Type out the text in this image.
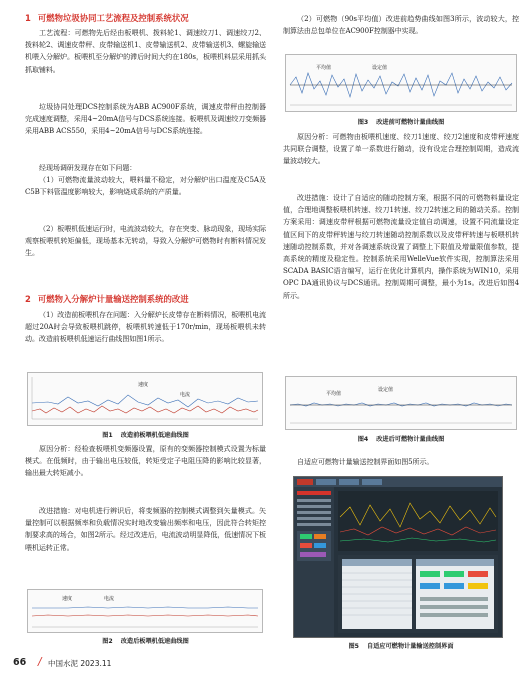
1 可燃物垃圾协同工艺流程及控制系统状况
工艺流程：可燃物先后经由板喂机、拨料轮1、调速绞刀1、调速绞刀2、拨料轮2、调速皮带秤、皮带输送机1、皮带输送机2、皮带输送机3、螺旋输送机喂入分解炉。板喂机至分解炉的滞后时间大约在180s，板喂机料层采用抓头抓取铺料。
垃圾协同处理DCS控制系统为ABB AC900F系统，调速皮带秤由控制器完成速度调整，采用4~20mA信号与DCS系统连接。板喂机及调速绞刀变频器采用ABB ACS550，采用4~20mA信号与DCS系统连接。
经现场调研发现存在如下问题：
（1）可燃物流量波动较大，喂料量不稳定，对分解炉出口温度及C5A及C5B下料管温度影响较大，影响烧成系统的产质量。
（2）板喂机低速运行时，电流波动较大，存在突变、脉动现象，现场实际观察板喂机转矩偏低，现场基本无转动，导致入分解炉可燃物时有断料情况发生。
2 可燃物入分解炉计量输送控制系统的改进
（1）改造前板喂机存在问题：入分解炉长皮带存在断料情况，板喂机电流超过20A时会导致板喂机跳停，板喂机转速低于170r/min，现场板喂机未转动。改造前板喂机低速运行曲线图如图1所示。
速度
电流
图1 改造前板喂机低速曲线图
原因分析：经检查板喂机变频器设置，原有的变频器控制模式设置为标量模式。在低频时，由于输出电压较低，转矩受定子电阻压降的影响比较显著，输出最大转矩减小。
改进措施：对电机进行辨识后，将变频器的控制模式调整到矢量模式。矢量控制可以根据频率和负载情况实时地改变输出频率和电压，因此符合转矩控制要求高的场合，如图2所示。经过改进后，电流波动明显降低，低速情况下板喂机运转正常。
速度	电流
图2 改造后板喂机低速曲线图
（2）可燃物（90s平均值）改进前趋势曲线如图3所示，波动较大，控制算法由总包单位在AC900F控制器中实现。
平均值	设定值
图3 改进前可燃物计量曲线图
原因分析：可燃物由板喂机速度、绞刀1速度、绞刀2速度和皮带秤速度共同联合调整，设置了单一系数进行随动，没有设定合理控制周期，造成流量波动较大。
改进措施：设计了自适应的随动控制方案，根据不同的可燃物料量设定值，合理地调整板喂机转速、绞刀1转速、绞刀2转速之间的随动关系。控制方案采用：调速皮带秤根据可燃物流量设定值自动调速，设置不同流量设定值区间下的皮带秤转速与绞刀转速随动控制系数以及皮带秤转速与板喂机转速随动控制系数，并对各调速系统设置了调整上下限值及增量限值参数，提高系统的精度及稳定性。控制系统采用WelleVue软件实现，控制算法采用SCADA BASIC语言编写，运行在优化计算机内，操作系统为WIN10，采用OPC DA通讯协议与DCS通讯。控制周期可调整，最小为1s。改进后如图4所示。
平均值
设定值
图4 改进后可燃物计量曲线图
自适应可燃物计量输送控制界面如图5所示。
图5 自适应可燃物计量输送控制界面
66 / 中国水泥 2023.11
